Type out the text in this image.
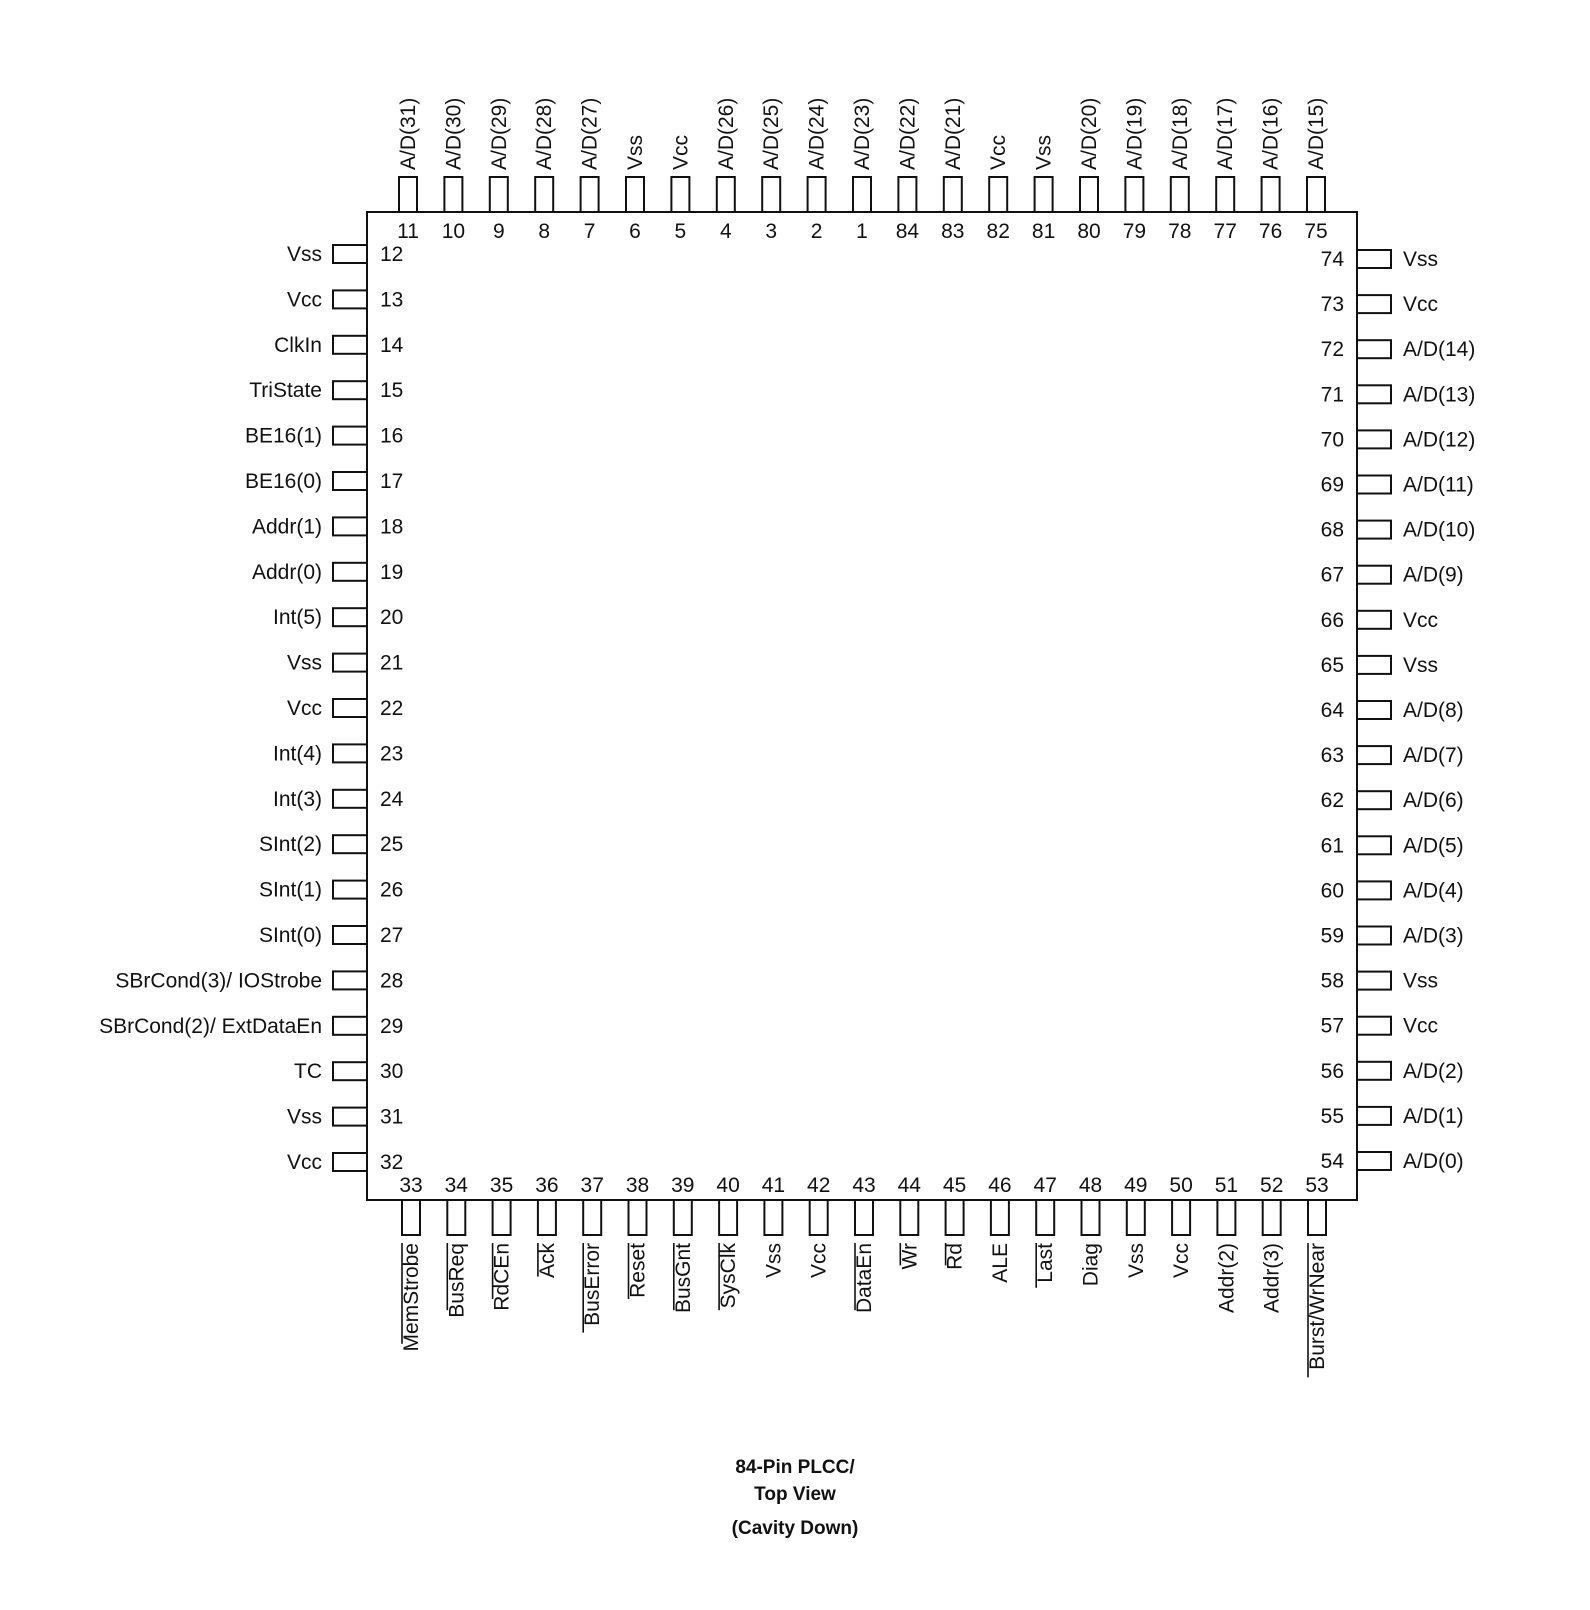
11
A/D(31)
10
A/D(30)
9
A/D(29)
8
A/D(28)
7
A/D(27)
6
Vss
5
Vcc
4
A/D(26)
3
A/D(25)
2
A/D(24)
1
A/D(23)
84
A/D(22)
83
A/D(21)
82
Vcc
81
Vss
80
A/D(20)
79
A/D(19)
78
A/D(18)
77
A/D(17)
76
A/D(16)
75
A/D(15)
12
Vss
13
Vcc
14
ClkIn
15
TriState
16
BE16(1)
17
BE16(0)
18
Addr(1)
19
Addr(0)
20
Int(5)
21
Vss
22
Vcc
23
Int(4)
24
Int(3)
25
SInt(2)
26
SInt(1)
27
SInt(0)
28
SBrCond(3)/ IOStrobe
29
SBrCond(2)/ ExtDataEn
30
TC
31
Vss
32
Vcc
74	Vss
73	Vcc
72	A/D(14)
71	A/D(13)
70	A/D(12)
69	A/D(11)
68	A/D(10)
67	A/D(9)
66	Vcc
65	Vss
64	A/D(8)
63	A/D(7)
62	A/D(6)
61	A/D(5)
60	A/D(4)
59	A/D(3)
58	Vss
57	Vcc
56	A/D(2)
55	A/D(1)
54	A/D(0)
33
MemStrobe
34
BusReq
35
RdCEn
36
Ack
37
BusError
38
Reset
39
BusGnt
40
SysClk
41
Vss
42
Vcc
43
DataEn
44
Wr
45
Rd
46
ALE
47
Last
48
Diag
49
Vss
50
Vcc
51
Addr(2)
52
Addr(3)
53
Burst/WrNear
84-Pin PLCC/
Top View
(Cavity Down)
